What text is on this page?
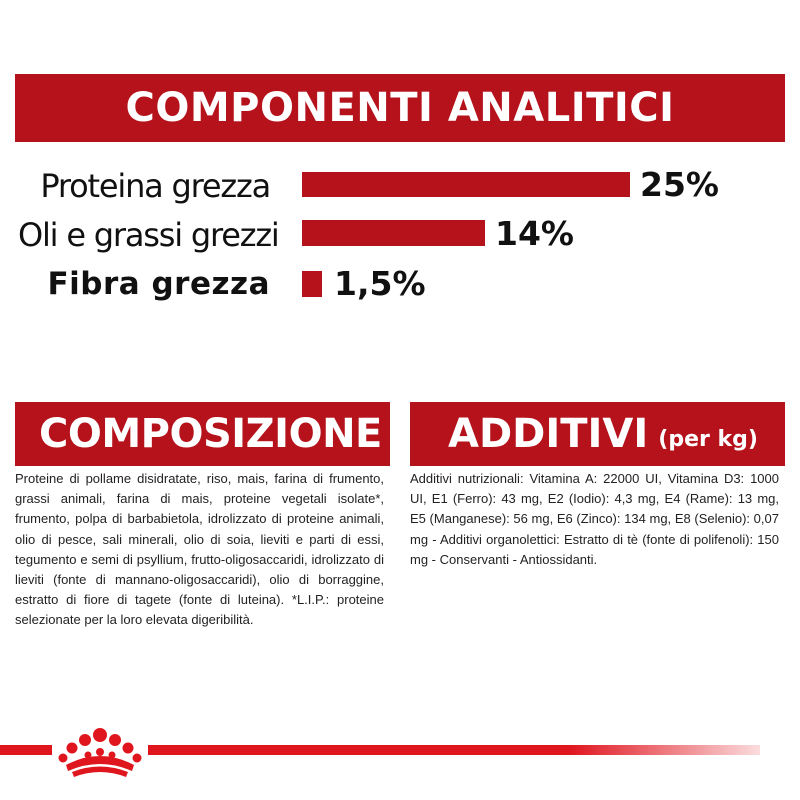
COMPONENTI ANALITICI
Proteina grezza	25%
Oli e grassi grezzi	14%
Fibra grezza 1,5%
COMPOSIZIONE

Proteine di pollame disidratate, riso, mais, farina di frumento, grassi animali, farina di mais, proteine vegetali isolate*, frumento, polpa di barbabietola, idrolizzato di proteine animali, olio di pesce, sali minerali, olio di soia, lieviti e parti di essi, tegumento e semi di psyllium, frutto-oligosaccaridi, idrolizzato di lieviti (fonte di mannano-oligosaccaridi), olio di borraggine, estratto di fiore di tagete (fonte di luteina). *L.I.P.: proteine selezionate per la loro elevata digeribilità.

ADDITIVI (per kg)

Additivi nutrizionali: Vitamina A: 22000 UI, Vitamina D3: 1000 UI, E1 (Ferro): 43 mg, E2 (Iodio): 4,3 mg, E4 (Rame): 13 mg, E5 (Manganese): 56 mg, E6 (Zinco): 134 mg, E8 (Selenio): 0,07 mg - Additivi organolettici: Estratto di tè (fonte di polifenoli): 150 mg - Conservanti - Antiossidanti.
